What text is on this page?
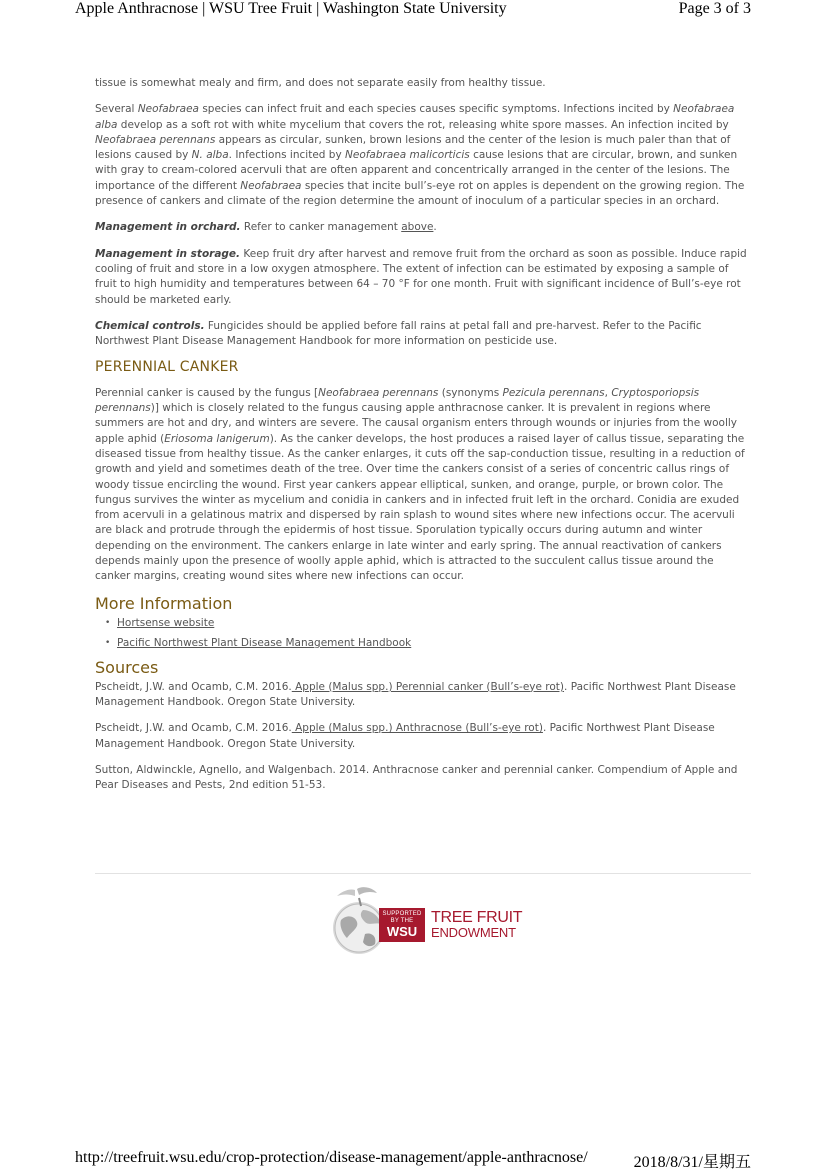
Apple Anthracnose | WSU Tree Fruit | Washington State University	Page 3 of 3

tissue is somewhat mealy and firm, and does not separate easily from healthy tissue.

Several Neofabraea species can infect fruit and each species causes specific symptoms. Infections incited by Neofabraea alba develop as a soft rot with white mycelium that covers the rot, releasing white spore masses. An infection incited by Neofabraea perennans appears as circular, sunken, brown lesions and the center of the lesion is much paler than that of lesions caused by N. alba. Infections incited by Neofabraea malicorticis cause lesions that are circular, brown, and sunken with gray to cream-colored acervuli that are often apparent and concentrically arranged in the center of the lesions. The importance of the different Neofabraea species that incite bull’s-eye rot on apples is dependent on the growing region. The presence of cankers and climate of the region determine the amount of inoculum of a particular species in an orchard.

Management in orchard. Refer to canker management above.

Management in storage. Keep fruit dry after harvest and remove fruit from the orchard as soon as possible. Induce rapid cooling of fruit and store in a low oxygen atmosphere. The extent of infection can be estimated by exposing a sample of fruit to high humidity and temperatures between 64 – 70 °F for one month. Fruit with significant incidence of Bull’s-eye rot should be marketed early.

Chemical controls. Fungicides should be applied before fall rains at petal fall and pre-harvest. Refer to the Pacific Northwest Plant Disease Management Handbook for more information on pesticide use.

PERENNIAL CANKER

Perennial canker is caused by the fungus [Neofabraea perennans (synonyms Pezicula perennans, Cryptosporiopsis perennans)] which is closely related to the fungus causing apple anthracnose canker. It is prevalent in regions where summers are hot and dry, and winters are severe. The causal organism enters through wounds or injuries from the woolly apple aphid (Eriosoma lanigerum). As the canker develops, the host produces a raised layer of callus tissue, separating the diseased tissue from healthy tissue. As the canker enlarges, it cuts off the sap-conduction tissue, resulting in a reduction of growth and yield and sometimes death of the tree. Over time the cankers consist of a series of concentric callus rings of woody tissue encircling the wound. First year cankers appear elliptical, sunken, and orange, purple, or brown color. The fungus survives the winter as mycelium and conidia in cankers and in infected fruit left in the orchard. Conidia are exuded from acervuli in a gelatinous matrix and dispersed by rain splash to wound sites where new infections occur. The acervuli are black and protrude through the epidermis of host tissue. Sporulation typically occurs during autumn and winter depending on the environment. The cankers enlarge in late winter and early spring. The annual reactivation of cankers depends mainly upon the presence of woolly apple aphid, which is attracted to the succulent callus tissue around the canker margins, creating wound sites where new infections can occur.

More Information
• Hortsense website
• Pacific Northwest Plant Disease Management Handbook
Sources

Pscheidt, J.W. and Ocamb, C.M. 2016. Apple (Malus spp.) Perennial canker (Bull’s-eye rot). Pacific Northwest Plant Disease Management Handbook. Oregon State University.

Pscheidt, J.W. and Ocamb, C.M. 2016. Apple (Malus spp.) Anthracnose (Bull’s-eye rot). Pacific Northwest Plant Disease Management Handbook. Oregon State University.

Sutton, Aldwinckle, Agnello, and Walgenbach. 2014. Anthracnose canker and perennial canker. Compendium of Apple and Pear Diseases and Pests, 2nd edition 51-53.

SUPPORTED BY THE
WSU
TREE FRUIT
ENDOWMENT
http://treefruit.wsu.edu/crop-protection/disease-management/apple-anthracnose/	2018/8/31/星期五
